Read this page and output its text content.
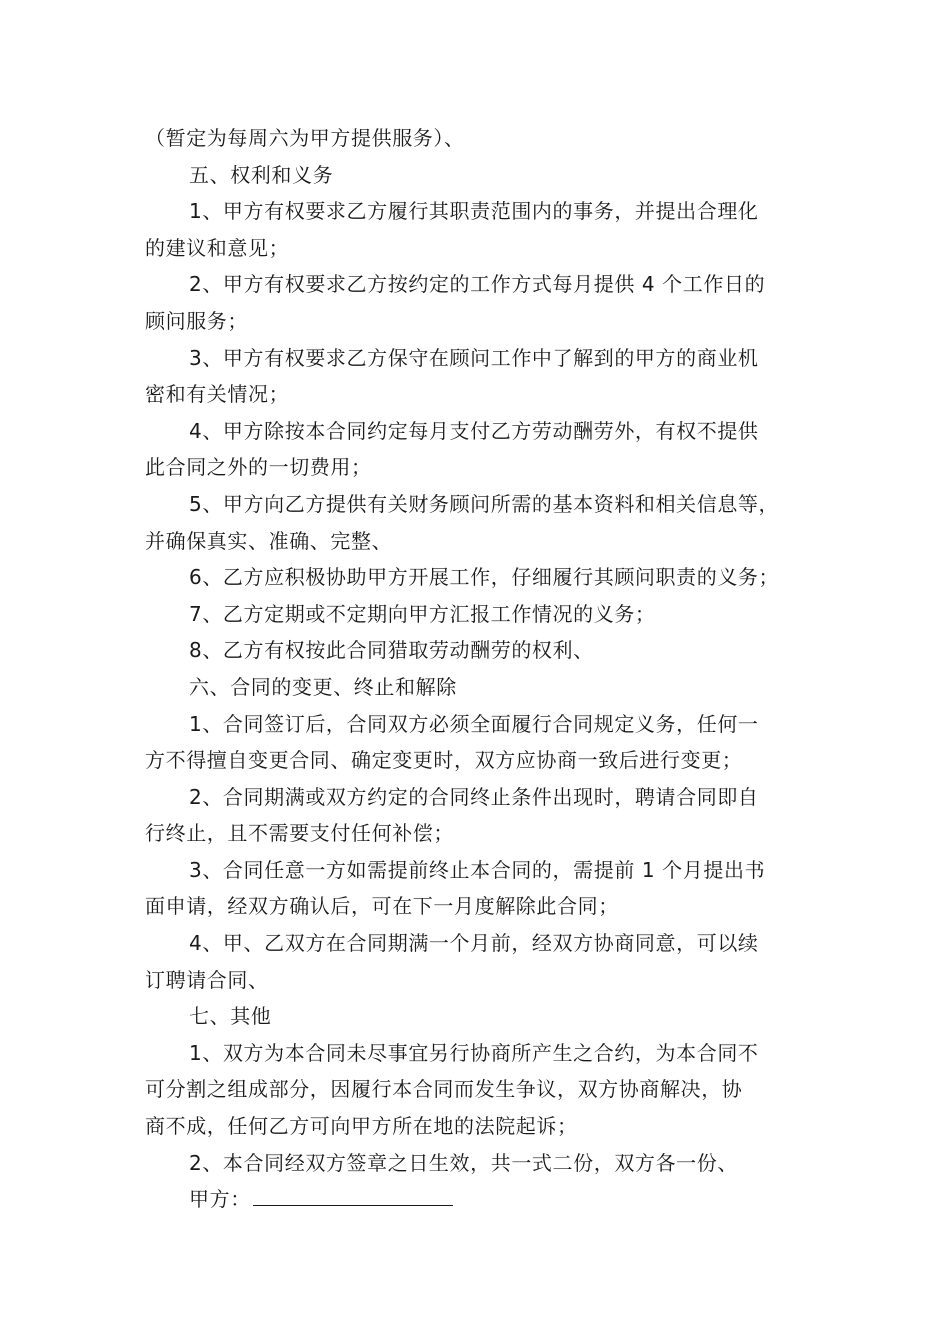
（暂定为每周六为甲方提供服务）、
五、权利和义务
1、甲方有权要求乙方履行其职责范围内的事务，并提出合理化
的建议和意见；
2、甲方有权要求乙方按约定的工作方式每月提供 4 个工作日的
顾问服务；
3、甲方有权要求乙方保守在顾问工作中了解到的甲方的商业机
密和有关情况；
4、甲方除按本合同约定每月支付乙方劳动酬劳外，有权不提供
此合同之外的一切费用；
5、甲方向乙方提供有关财务顾问所需的基本资料和相关信息等，
并确保真实、准确、完整、
6、乙方应积极协助甲方开展工作，仔细履行其顾问职责的义务；
7、乙方定期或不定期向甲方汇报工作情况的义务；
8、乙方有权按此合同猎取劳动酬劳的权利、
六、合同的变更、终止和解除
1、合同签订后，合同双方必须全面履行合同规定义务，任何一
方不得擅自变更合同、确定变更时，双方应协商一致后进行变更；
2、合同期满或双方约定的合同终止条件出现时，聘请合同即自
行终止，且不需要支付任何补偿；
3、合同任意一方如需提前终止本合同的，需提前 1 个月提出书
面申请，经双方确认后，可在下一月度解除此合同；
4、甲、乙双方在合同期满一个月前，经双方协商同意，可以续
订聘请合同、
七、其他
1、双方为本合同未尽事宜另行协商所产生之合约，为本合同不
可分割之组成部分，因履行本合同而发生争议，双方协商解决，协
商不成，任何乙方可向甲方所在地的法院起诉；
2、本合同经双方签章之日生效，共一式二份，双方各一份、
甲方：
